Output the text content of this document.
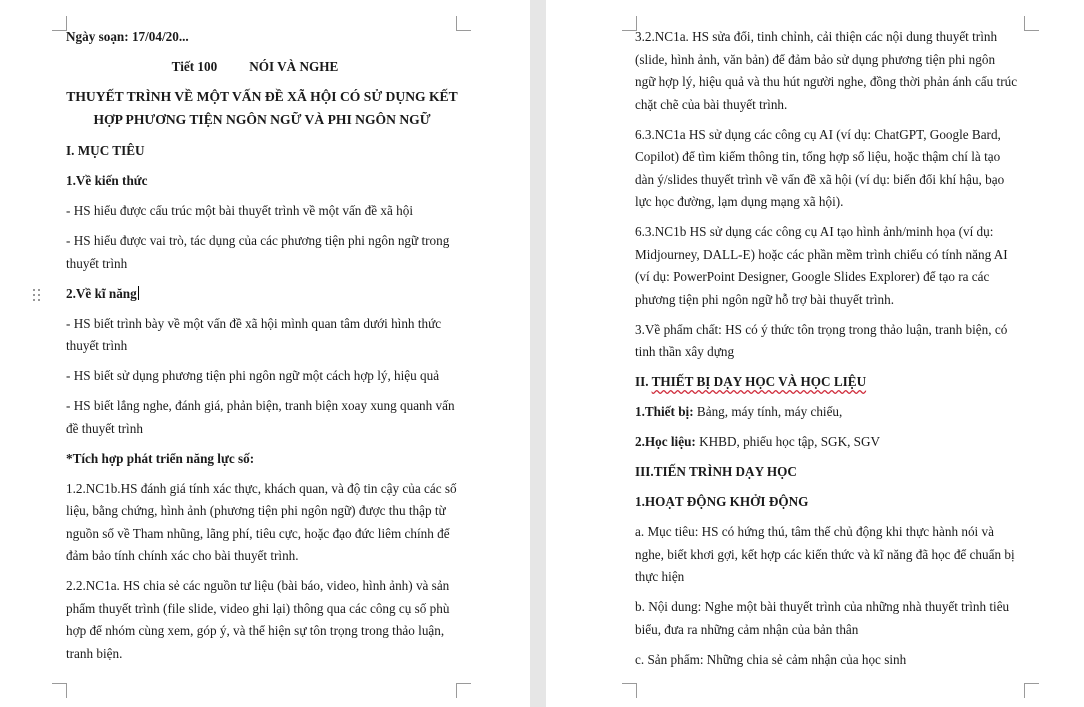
Ngày soạn: 17/04/20...

Tiết 100 NÓI VÀ NGHE

THUYẾT TRÌNH VỀ MỘT VẤN ĐỀ XÃ HỘI CÓ SỬ DỤNG KẾT
HỢP PHƯƠNG TIỆN NGÔN NGỮ VÀ PHI NGÔN NGỮ

I. MỤC TIÊU

1.Về kiến thức

- HS hiểu được cấu trúc một bài thuyết trình về một vấn đề xã hội

- HS hiểu được vai trò, tác dụng của các phương tiện phi ngôn ngữ trong thuyết trình

2.Về kĩ năng

- HS biết trình bày về một vấn đề xã hội mình quan tâm dưới hình thức thuyết trình

- HS biết sử dụng phương tiện phi ngôn ngữ một cách hợp lý, hiệu quả

- HS biết lắng nghe, đánh giá, phản biện, tranh biện xoay xung quanh vấn đề thuyết trình

*Tích hợp phát triển năng lực số:

1.2.NC1b.HS đánh giá tính xác thực, khách quan, và độ tin cậy của các số liệu, bằng chứng, hình ảnh (phương tiện phi ngôn ngữ) được thu thập từ nguồn số về Tham nhũng, lãng phí, tiêu cực, hoặc đạo đức liêm chính để đảm bảo tính chính xác cho bài thuyết trình.

2.2.NC1a. HS chia sẻ các nguồn tư liệu (bài báo, video, hình ảnh) và sản phẩm thuyết trình (file slide, video ghi lại) thông qua các công cụ số phù hợp để nhóm cùng xem, góp ý, và thể hiện sự tôn trọng trong thảo luận, tranh biện.

3.2.NC1a. HS sửa đổi, tinh chỉnh, cải thiện các nội dung thuyết trình (slide, hình ảnh, văn bản) để đảm bảo sử dụng phương tiện phi ngôn ngữ hợp lý, hiệu quả và thu hút người nghe, đồng thời phản ánh cấu trúc chặt chẽ của bài thuyết trình.

6.3.NC1a HS sử dụng các công cụ AI (ví dụ: ChatGPT, Google Bard, Copilot) để tìm kiếm thông tin, tổng hợp số liệu, hoặc thậm chí là tạo dàn ý/slides thuyết trình về vấn đề xã hội (ví dụ: biến đổi khí hậu, bạo lực học đường, lạm dụng mạng xã hội).

6.3.NC1b HS sử dụng các công cụ AI tạo hình ảnh/minh họa (ví dụ: Midjourney, DALL-E) hoặc các phần mềm trình chiếu có tính năng AI (ví dụ: PowerPoint Designer, Google Slides Explorer) để tạo ra các phương tiện phi ngôn ngữ hỗ trợ bài thuyết trình.

3.Về phẩm chất: HS có ý thức tôn trọng trong thảo luận, tranh biện, có tinh thần xây dựng

II. THIẾT BỊ DẠY HỌC VÀ HỌC LIỆU

1.Thiết bị: Bảng, máy tính, máy chiếu,

2.Học liệu: KHBD, phiếu học tập, SGK, SGV

III.TIẾN TRÌNH DẠY HỌC

1.HOẠT ĐỘNG KHỞI ĐỘNG

a. Mục tiêu: HS có hứng thú, tâm thế chủ động khi thực hành nói và nghe, biết khơi gợi, kết hợp các kiến thức và kĩ năng đã học để chuẩn bị thực hiện

b. Nội dung: Nghe một bài thuyết trình của những nhà thuyết trình tiêu biểu, đưa ra những cảm nhận của bản thân

c. Sản phẩm: Những chia sẻ cảm nhận của học sinh
